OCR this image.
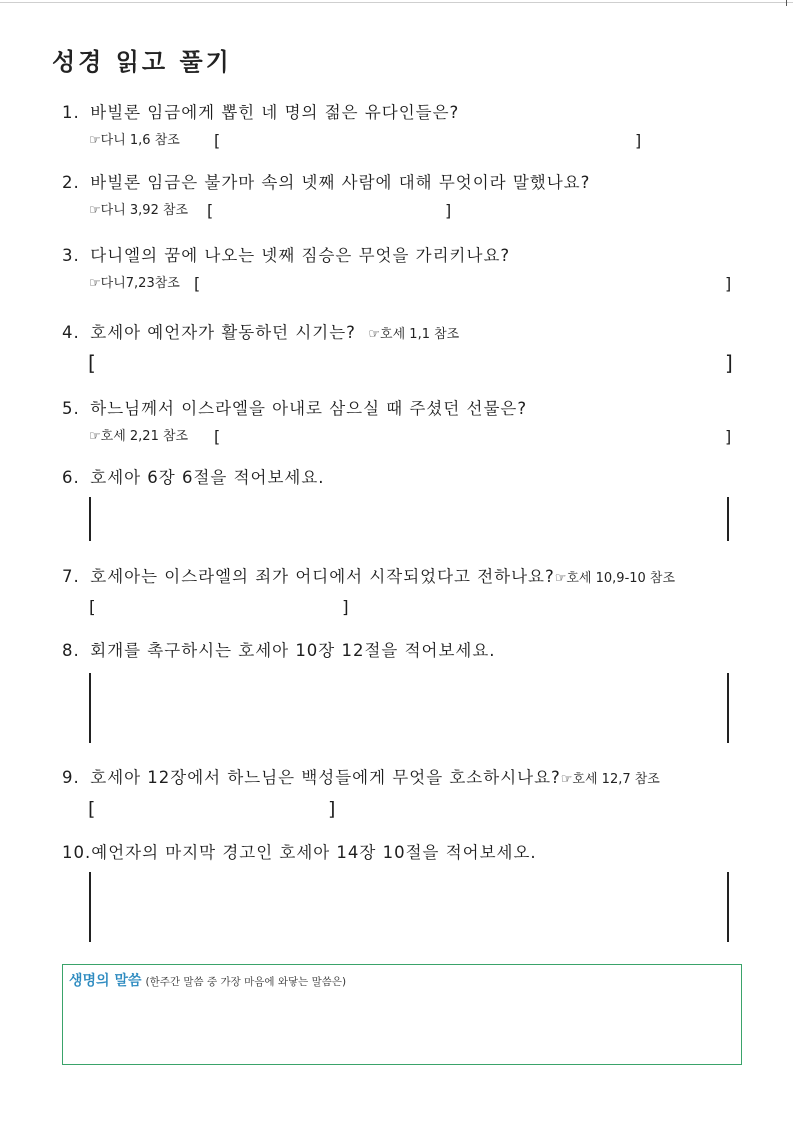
성경 읽고 풀기
1. 바빌론 임금에게 뽑힌 네 명의 젊은 유다인들은?
☞다니 1,6 참조 [	]
2. 바빌론 임금은 불가마 속의 넷째 사람에 대해 무엇이라 말했나요?
☞다니 3,92 참조 [	]
3. 다니엘의 꿈에 나오는 넷째 짐승은 무엇을 가리키나요?
☞다니7,23참조 [	]
4. 호세아 예언자가 활동하던 시기는? ☞호세 1,1 참조
[	]
5. 하느님께서 이스라엘을 아내로 삼으실 때 주셨던 선물은?
☞호세 2,21 참조 [	]
6. 호세아 6장 6절을 적어보세요.
7. 호세아는 이스라엘의 죄가 어디에서 시작되었다고 전하나요?☞호세 10,9-10 참조
[	]
8. 회개를 촉구하시는 호세아 10장 12절을 적어보세요.
9. 호세아 12장에서 하느님은 백성들에게 무엇을 호소하시나요?☞호세 12,7 참조
[	]
10.예언자의 마지막 경고인 호세아 14장 10절을 적어보세오.
생명의 말씀 (한주간 말씀 중 가장 마음에 와닿는 말씀은)
